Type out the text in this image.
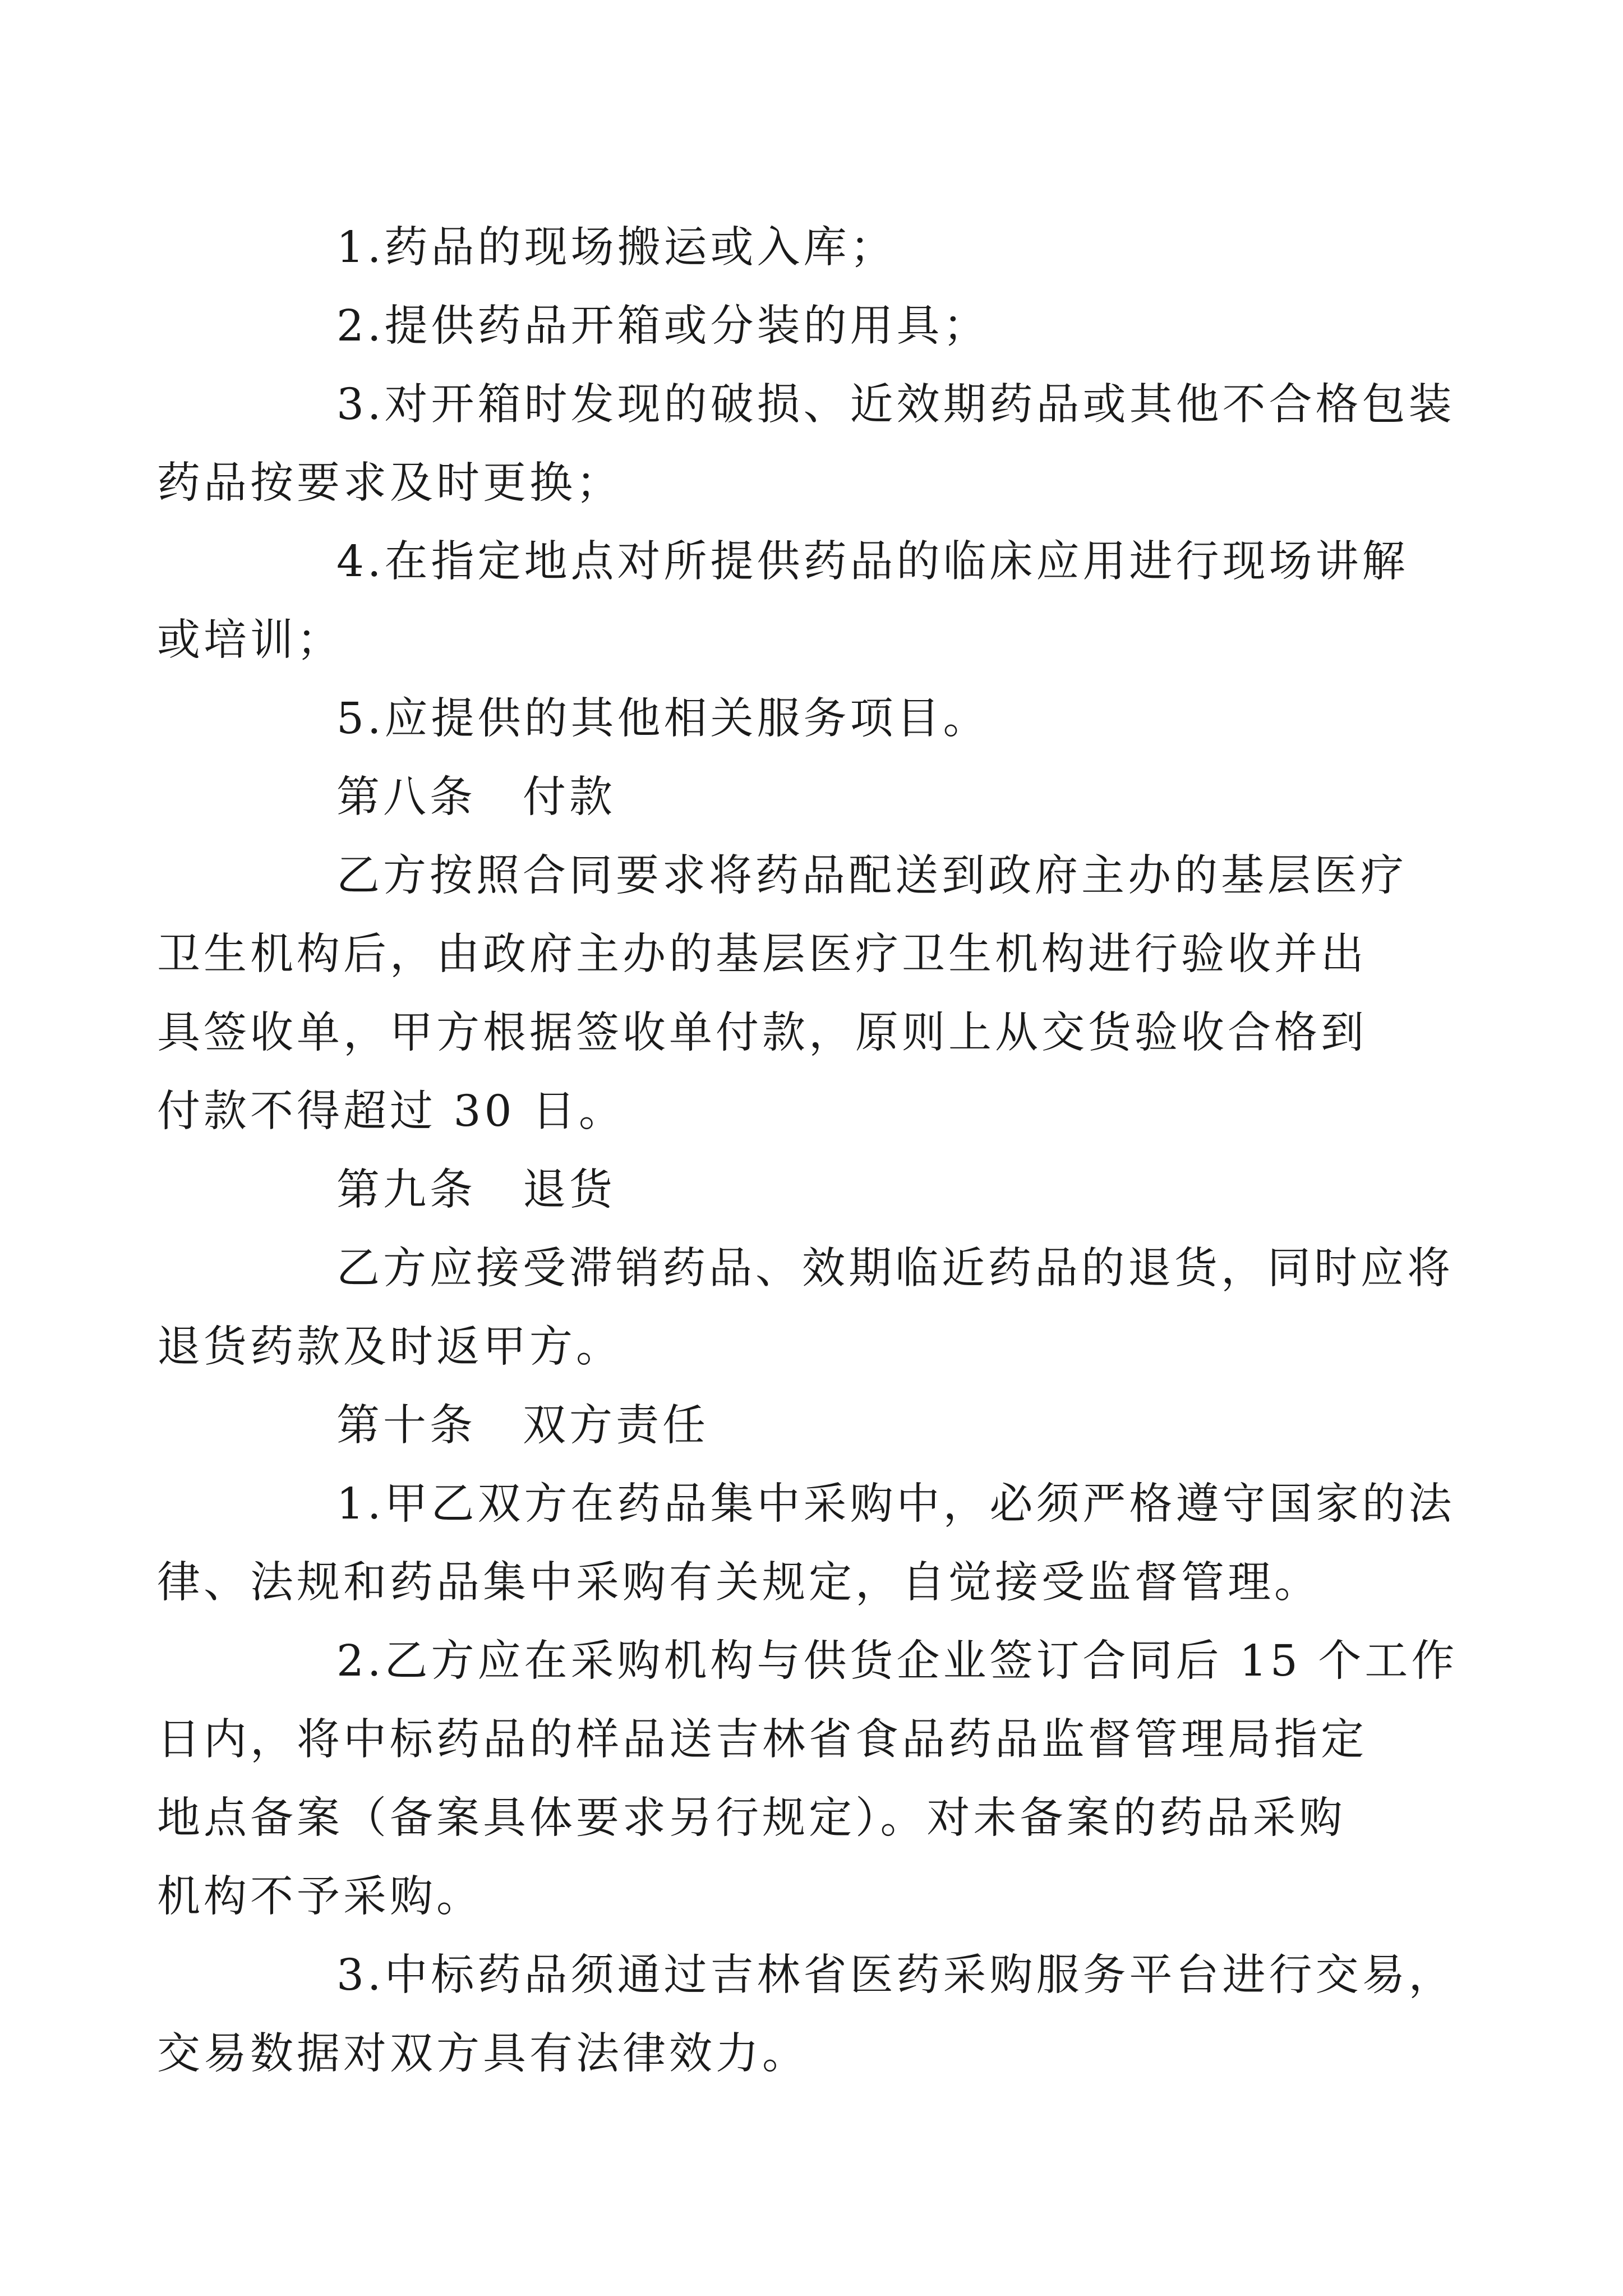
1.药品的现场搬运或入库；

2.提供药品开箱或分装的用具；

3.对开箱时发现的破损、近效期药品或其他不合格包装
药品按要求及时更换；

4.在指定地点对所提供药品的临床应用进行现场讲解
或培训；

5.应提供的其他相关服务项目。

第八条　付款

乙方按照合同要求将药品配送到政府主办的基层医疗
卫生机构后，由政府主办的基层医疗卫生机构进行验收并出
具签收单，甲方根据签收单付款，原则上从交货验收合格到
付款不得超过 30 日。

第九条　退货

乙方应接受滞销药品、效期临近药品的退货，同时应将
退货药款及时返甲方。

第十条　双方责任

1.甲乙双方在药品集中采购中，必须严格遵守国家的法
律、法规和药品集中采购有关规定，自觉接受监督管理。

2.乙方应在采购机构与供货企业签订合同后 15 个工作
日内，将中标药品的样品送吉林省食品药品监督管理局指定
地点备案（备案具体要求另行规定）。对未备案的药品采购
机构不予采购。

3.中标药品须通过吉林省医药采购服务平台进行交易，
交易数据对双方具有法律效力。
